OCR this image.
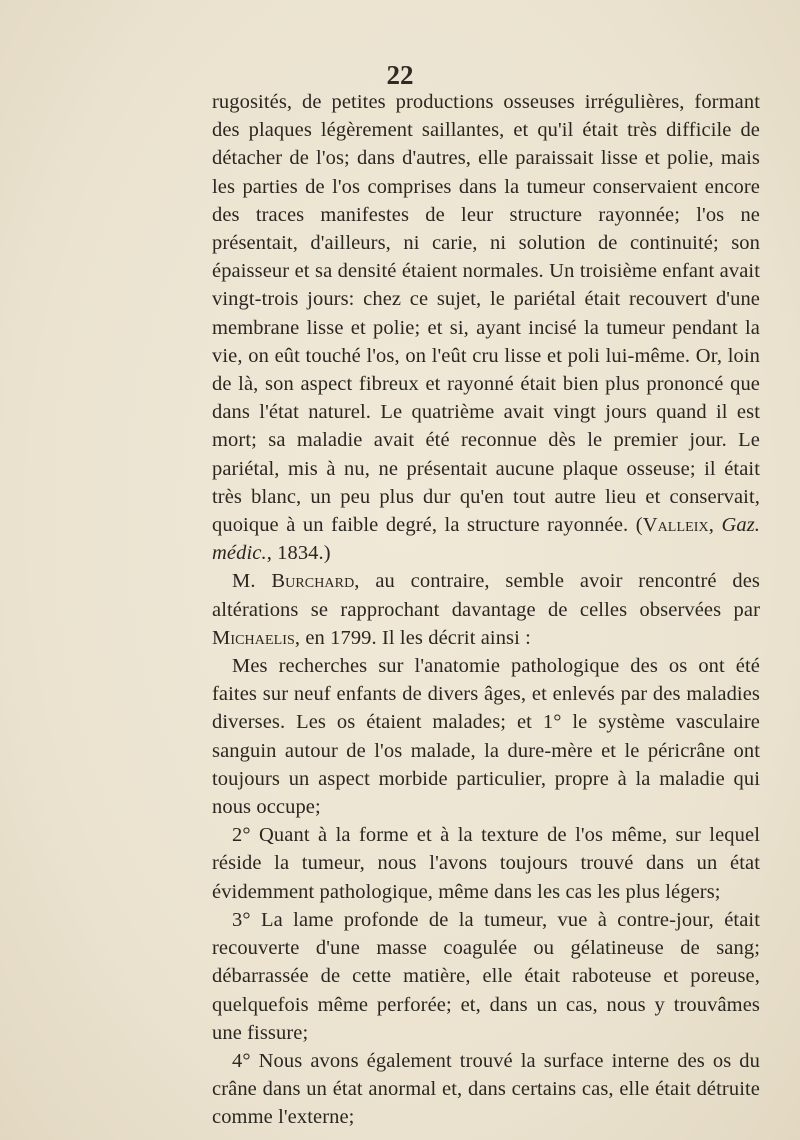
22

rugosités, de petites productions osseuses irrégulières, formant des plaques légèrement saillantes, et qu'il était très difficile de détacher de l'os; dans d'autres, elle paraissait lisse et polie, mais les parties de l'os comprises dans la tumeur conservaient encore des traces manifestes de leur structure rayonnée; l'os ne présentait, d'ailleurs, ni carie, ni solution de continuité; son épaisseur et sa densité étaient normales. Un troisième enfant avait vingt-trois jours: chez ce sujet, le pariétal était recouvert d'une membrane lisse et polie; et si, ayant incisé la tumeur pendant la vie, on eût touché l'os, on l'eût cru lisse et poli lui-même. Or, loin de là, son aspect fibreux et rayonné était bien plus prononcé que dans l'état naturel. Le quatrième avait vingt jours quand il est mort; sa maladie avait été reconnue dès le premier jour. Le pariétal, mis à nu, ne présentait aucune plaque osseuse; il était très blanc, un peu plus dur qu'en tout autre lieu et conservait, quoique à un faible degré, la structure rayonnée. (Valleix, Gaz. médic., 1834.)

M. Burchard, au contraire, semble avoir rencontré des altérations se rapprochant davantage de celles observées par Michaelis, en 1799. Il les décrit ainsi :

Mes recherches sur l'anatomie pathologique des os ont été faites sur neuf enfants de divers âges, et enlevés par des maladies diverses. Les os étaient malades; et 1° le système vasculaire sanguin autour de l'os malade, la dure-mère et le péricrâne ont toujours un aspect morbide particulier, propre à la maladie qui nous occupe;

2° Quant à la forme et à la texture de l'os même, sur lequel réside la tumeur, nous l'avons toujours trouvé dans un état évidemment pathologique, même dans les cas les plus légers;

3° La lame profonde de la tumeur, vue à contre-jour, était recouverte d'une masse coagulée ou gélatineuse de sang; débarrassée de cette matière, elle était raboteuse et poreuse, quelquefois même perforée; et, dans un cas, nous y trouvâmes une fissure;

4° Nous avons également trouvé la surface interne des os du crâne dans un état anormal et, dans certains cas, elle était détruite comme l'externe;
